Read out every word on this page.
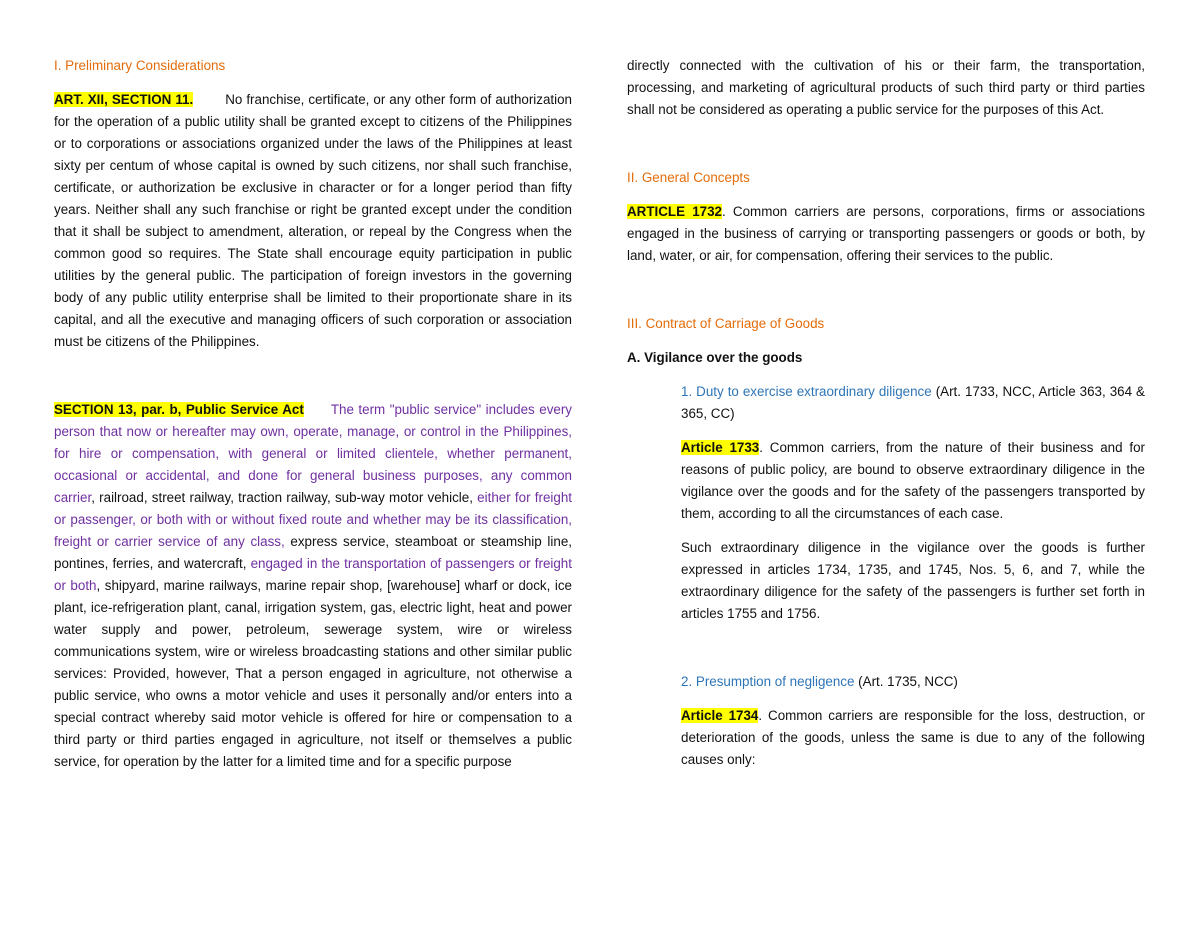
I. Preliminary Considerations

ART. XII, SECTION 11. No franchise, certificate, or any other form of authorization for the operation of a public utility shall be granted except to citizens of the Philippines or to corporations or associations organized under the laws of the Philippines at least sixty per centum of whose capital is owned by such citizens, nor shall such franchise, certificate, or authorization be exclusive in character or for a longer period than fifty years. Neither shall any such franchise or right be granted except under the condition that it shall be subject to amendment, alteration, or repeal by the Congress when the common good so requires. The State shall encourage equity participation in public utilities by the general public. The participation of foreign investors in the governing body of any public utility enterprise shall be limited to their proportionate share in its capital, and all the executive and managing officers of such corporation or association must be citizens of the Philippines.

SECTION 13, par. b, Public Service Act The term "public service" includes every person that now or hereafter may own, operate, manage, or control in the Philippines, for hire or compensation, with general or limited clientele, whether permanent, occasional or accidental, and done for general business purposes, any common carrier, railroad, street railway, traction railway, sub-way motor vehicle, either for freight or passenger, or both with or without fixed route and whether may be its classification, freight or carrier service of any class, express service, steamboat or steamship line, pontines, ferries, and watercraft, engaged in the transportation of passengers or freight or both, shipyard, marine railways, marine repair shop, [warehouse] wharf or dock, ice plant, ice-refrigeration plant, canal, irrigation system, gas, electric light, heat and power water supply and power, petroleum, sewerage system, wire or wireless communications system, wire or wireless broadcasting stations and other similar public services: Provided, however, That a person engaged in agriculture, not otherwise a public service, who owns a motor vehicle and uses it personally and/or enters into a special contract whereby said motor vehicle is offered for hire or compensation to a third party or third parties engaged in agriculture, not itself or themselves a public service, for operation by the latter for a limited time and for a specific purpose

directly connected with the cultivation of his or their farm, the transportation, processing, and marketing of agricultural products of such third party or third parties shall not be considered as operating a public service for the purposes of this Act.

II. General Concepts

ARTICLE 1732. Common carriers are persons, corporations, firms or associations engaged in the business of carrying or transporting passengers or goods or both, by land, water, or air, for compensation, offering their services to the public.

III. Contract of Carriage of Goods

A. Vigilance over the goods

1. Duty to exercise extraordinary diligence (Art. 1733, NCC, Article 363, 364 & 365, CC)

Article 1733. Common carriers, from the nature of their business and for reasons of public policy, are bound to observe extraordinary diligence in the vigilance over the goods and for the safety of the passengers transported by them, according to all the circumstances of each case.

Such extraordinary diligence in the vigilance over the goods is further expressed in articles 1734, 1735, and 1745, Nos. 5, 6, and 7, while the extraordinary diligence for the safety of the passengers is further set forth in articles 1755 and 1756.

2. Presumption of negligence (Art. 1735, NCC)

Article 1734. Common carriers are responsible for the loss, destruction, or deterioration of the goods, unless the same is due to any of the following causes only:
